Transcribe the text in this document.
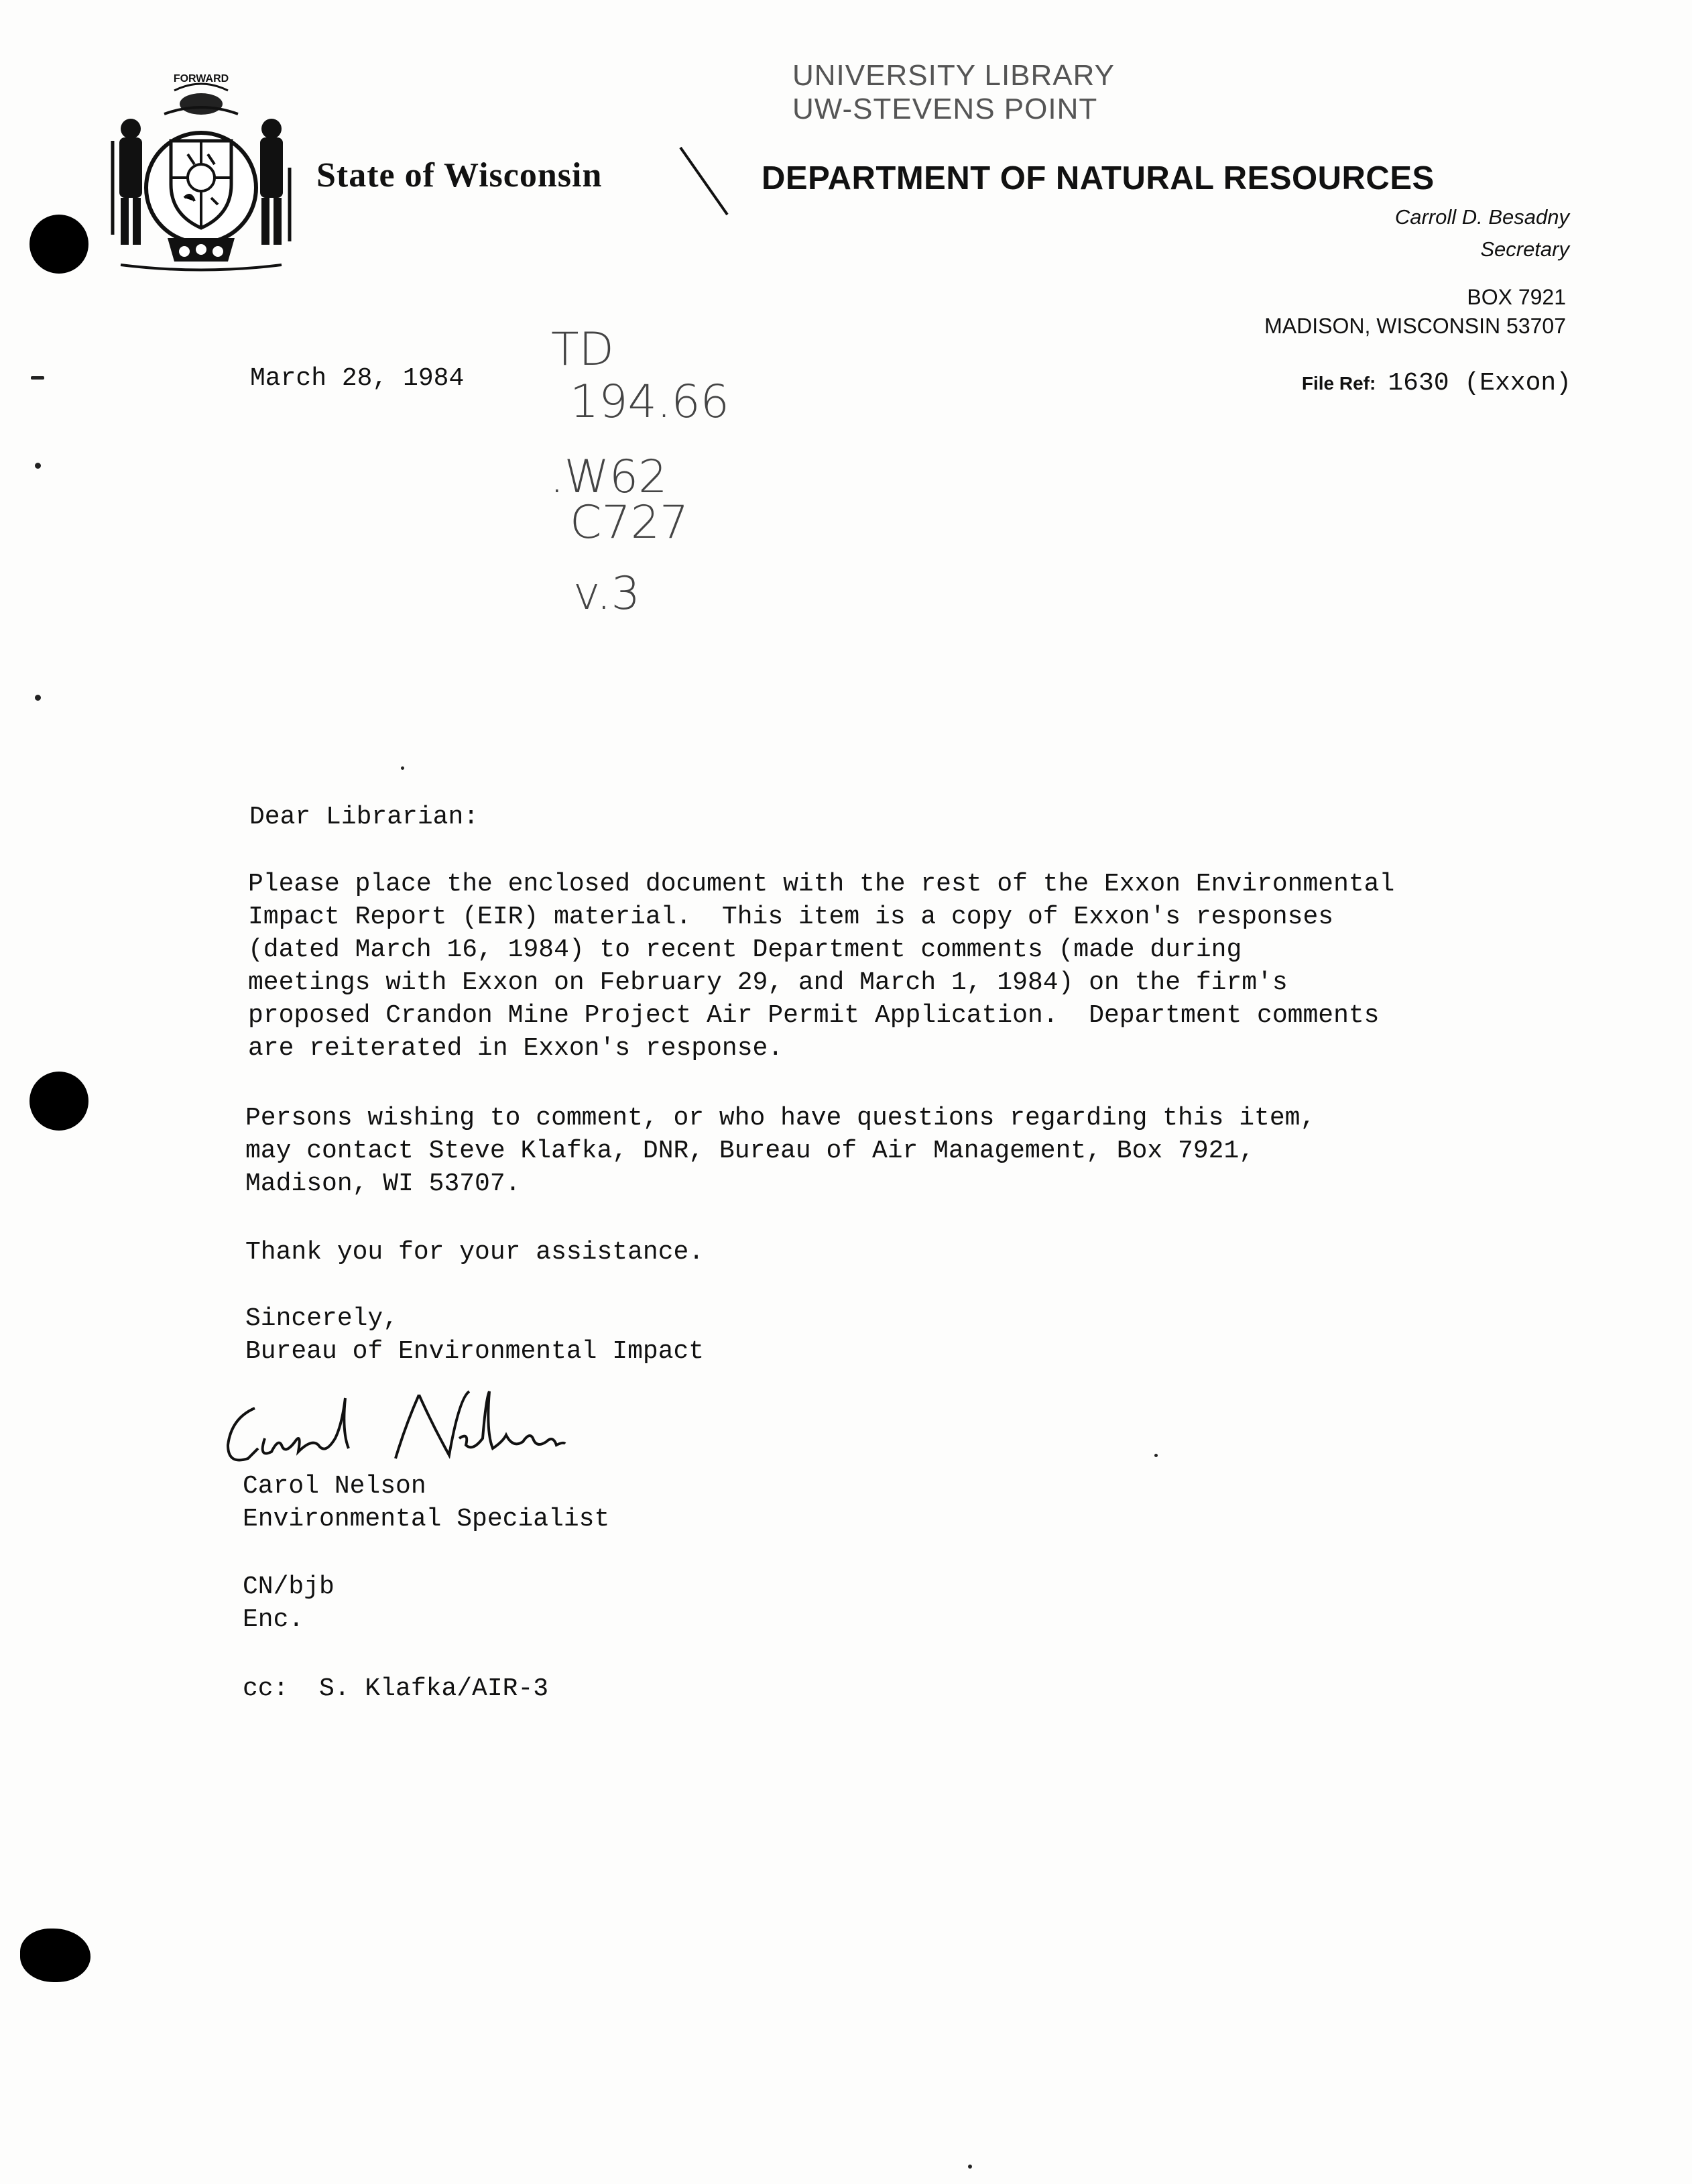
FORWARD
State of Wisconsin	DEPARTMENT OF NATURAL RESOURCES
UNIVERSITY LIBRARY
UW-STEVENS POINT
Carroll D. Besadny
Secretary
BOX 7921
MADISON, WISCONSIN 53707
File Ref: 1630 (Exxon)
March 28, 1984
TD
194.66
.W62
C727
v.3
Dear Librarian:
Please place the enclosed document with the rest of the Exxon Environmental
Impact Report (EIR) material.  This item is a copy of Exxon's responses
(dated March 16, 1984) to recent Department comments (made during
meetings with Exxon on February 29, and March 1, 1984) on the firm's
proposed Crandon Mine Project Air Permit Application.  Department comments
are reiterated in Exxon's response.
Persons wishing to comment, or who have questions regarding this item,
may contact Steve Klafka, DNR, Bureau of Air Management, Box 7921,
Madison, WI 53707.
Thank you for your assistance.
Sincerely,
Bureau of Environmental Impact
Carol Nelson
Environmental Specialist
CN/bjb
Enc.
cc:  S. Klafka/AIR-3
